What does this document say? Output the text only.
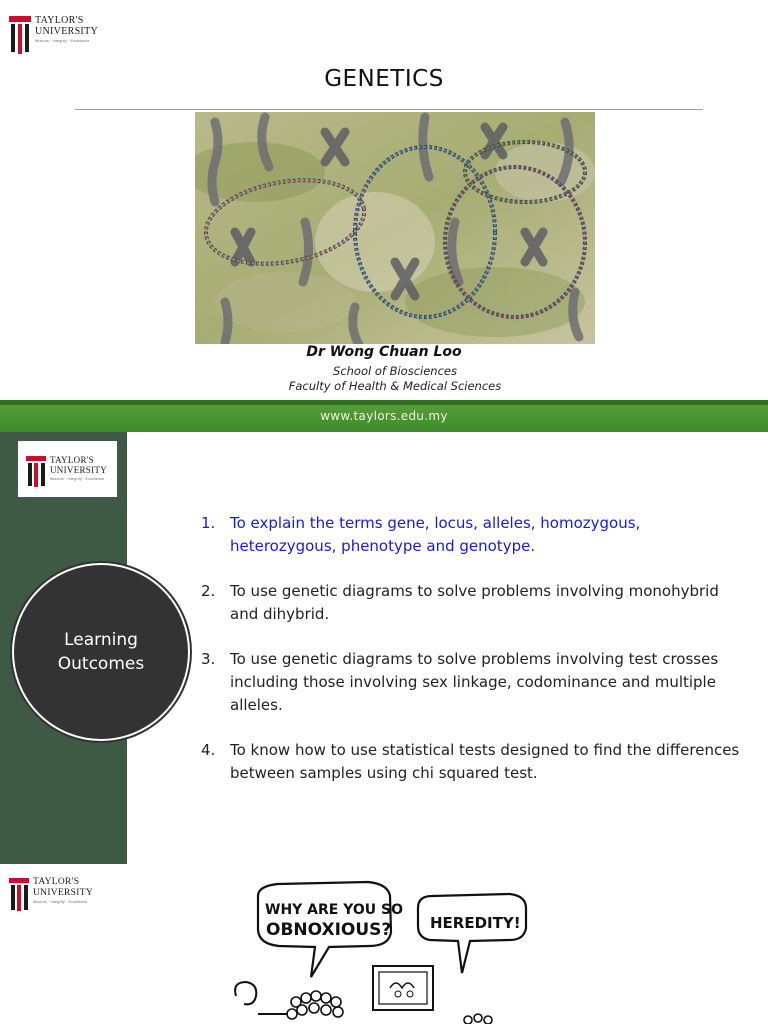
TAYLOR'S
UNIVERSITY
Wisdom · Integrity · Excellence
GENETICS
Dr Wong Chuan Loo
School of Biosciences
Faculty of Health & Medical Sciences
www.taylors.edu.my
TAYLOR'S
UNIVERSITY
Wisdom · Integrity · Excellence
Learning
Outcomes
1. To explain the terms gene, locus, alleles, homozygous, heterozygous, phenotype and genotype.
2. To use genetic diagrams to solve problems involving monohybrid and dihybrid.
3. To use genetic diagrams to solve problems involving test crosses including those involving sex linkage, codominance and multiple alleles.
4. To know how to use statistical tests designed to find the differences between samples using chi squared test.
TAYLOR'S
UNIVERSITY
Wisdom · Integrity · Excellence	WHY ARE YOU SO
OBNOXIOUS?	HEREDITY!
